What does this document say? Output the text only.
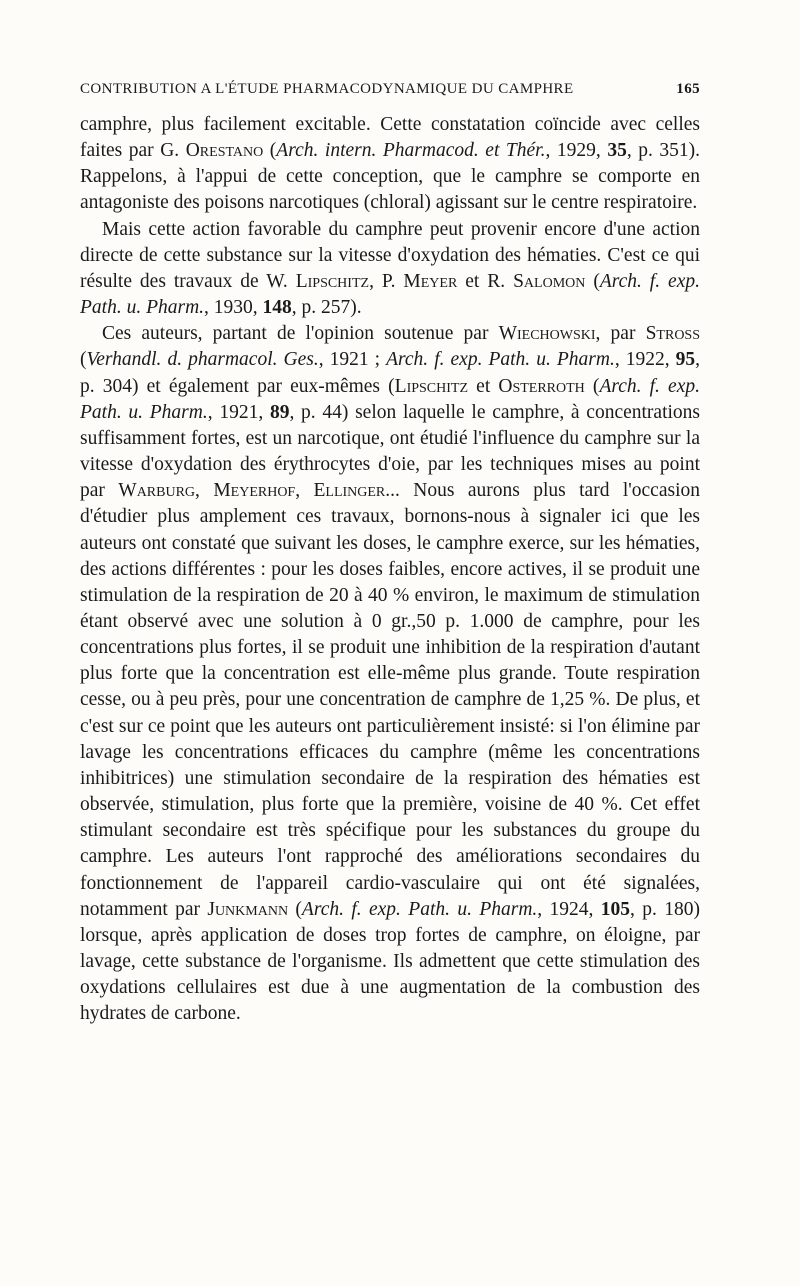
CONTRIBUTION A L'ÉTUDE PHARMACODYNAMIQUE DU CAMPHRE	165

camphre, plus facilement excitable. Cette constatation coïncide avec celles faites par G. Orestano (Arch. intern. Pharmacod. et Thér., 1929, 35, p. 351). Rappelons, à l'appui de cette conception, que le camphre se comporte en antagoniste des poisons narcotiques (chloral) agissant sur le centre respiratoire.

Mais cette action favorable du camphre peut provenir encore d'une action directe de cette substance sur la vitesse d'oxydation des hématies. C'est ce qui résulte des travaux de W. Lipschitz, P. Meyer et R. Salomon (Arch. f. exp. Path. u. Pharm., 1930, 148, p. 257).

Ces auteurs, partant de l'opinion soutenue par Wiechowski, par Stross (Verhandl. d. pharmacol. Ges., 1921 ; Arch. f. exp. Path. u. Pharm., 1922, 95, p. 304) et également par eux-mêmes (Lipschitz et Osterroth (Arch. f. exp. Path. u. Pharm., 1921, 89, p. 44) selon laquelle le camphre, à concentrations suffisamment fortes, est un narcotique, ont étudié l'influence du camphre sur la vitesse d'oxydation des érythrocytes d'oie, par les techniques mises au point par Warburg, Meyerhof, Ellinger... Nous aurons plus tard l'occasion d'étudier plus amplement ces travaux, bornons-nous à signaler ici que les auteurs ont constaté que suivant les doses, le camphre exerce, sur les hématies, des actions différentes : pour les doses faibles, encore actives, il se produit une stimulation de la respiration de 20 à 40 % environ, le maximum de stimulation étant observé avec une solution à 0 gr.,50 p. 1.000 de camphre, pour les concentrations plus fortes, il se produit une inhibition de la respiration d'autant plus forte que la concentration est elle-même plus grande. Toute respiration cesse, ou à peu près, pour une concentration de camphre de 1,25 %. De plus, et c'est sur ce point que les auteurs ont particulièrement insisté: si l'on élimine par lavage les concentrations efficaces du camphre (même les concentrations inhibitrices) une stimulation secondaire de la respiration des hématies est observée, stimulation, plus forte que la première, voisine de 40 %. Cet effet stimulant secondaire est très spécifique pour les substances du groupe du camphre. Les auteurs l'ont rapproché des améliorations secondaires du fonctionnement de l'appareil cardio-vasculaire qui ont été signalées, notamment par Junkmann (Arch. f. exp. Path. u. Pharm., 1924, 105, p. 180) lorsque, après application de doses trop fortes de camphre, on éloigne, par lavage, cette substance de l'organisme. Ils admettent que cette stimulation des oxydations cellulaires est due à une augmentation de la combustion des hydrates de carbone.
